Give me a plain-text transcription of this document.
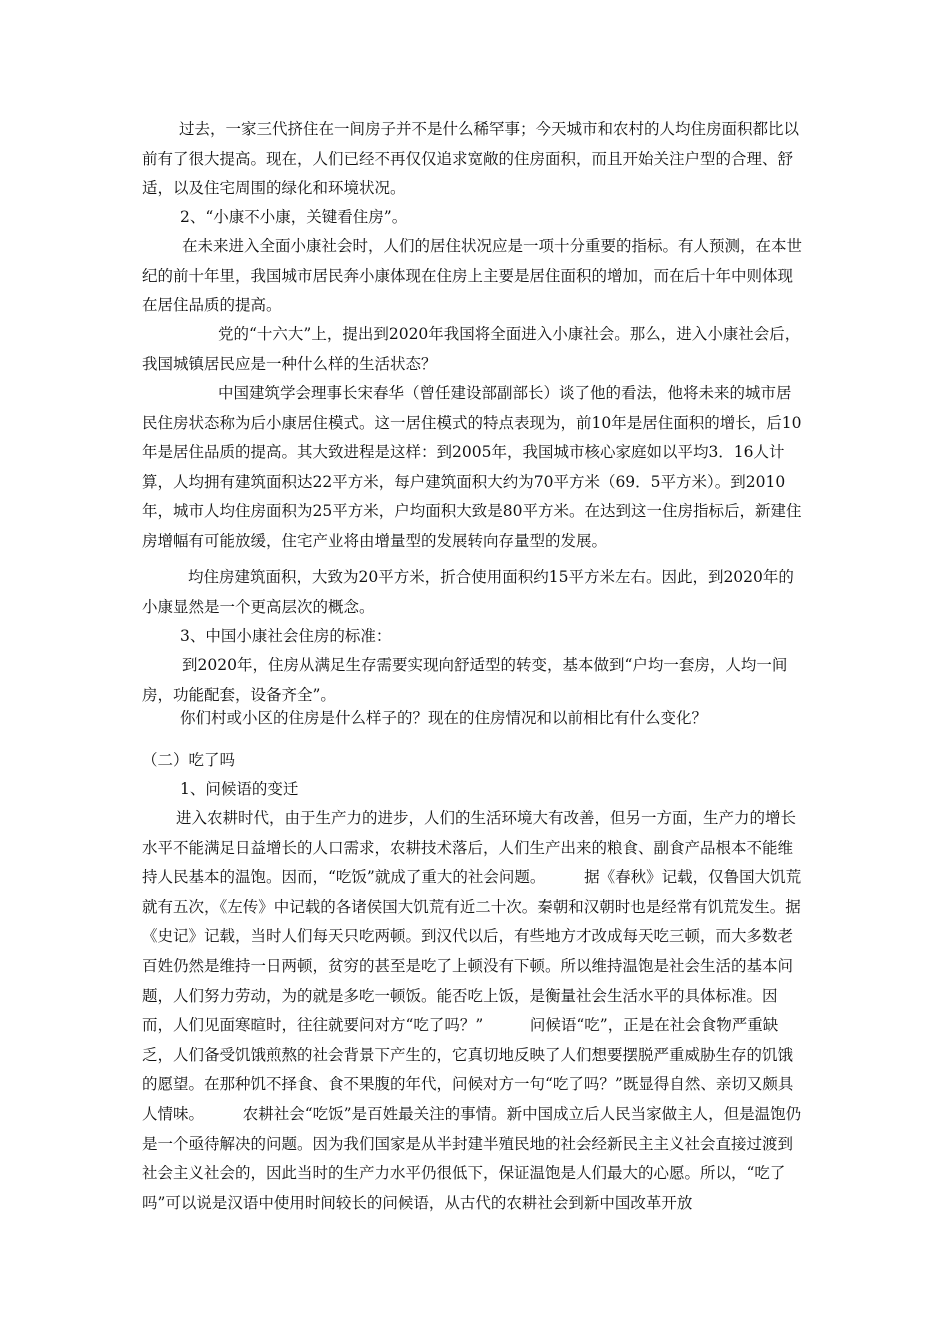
过去，一家三代挤住在一间房子并不是什么稀罕事；今天城市和农村的人均住房面积都比以前有了很大提高。现在，人们已经不再仅仅追求宽敞的住房面积，而且开始关注户型的合理、舒适，以及住宅周围的绿化和环境状况。

2、“小康不小康，关键看住房”。

在未来进入全面小康社会时，人们的居住状况应是一项十分重要的指标。有人预测，在本世纪的前十年里，我国城市居民奔小康体现在住房上主要是居住面积的增加，而在后十年中则体现在居住品质的提高。

党的“十六大”上，提出到2020年我国将全面进入小康社会。那么，进入小康社会后，我国城镇居民应是一种什么样的生活状态？

中国建筑学会理事长宋春华（曾任建设部副部长）谈了他的看法，他将未来的城市居民住房状态称为后小康居住模式。这一居住模式的特点表现为，前10年是居住面积的增长，后10年是居住品质的提高。其大致进程是这样：到2005年，我国城市核心家庭如以平均3．16人计算，人均拥有建筑面积达22平方米，每户建筑面积大约为70平方米（69．5平方米）。到2010年，城市人均住房面积为25平方米，户均面积大致是80平方米。在达到这一住房指标后，新建住房增幅有可能放缓，住宅产业将由增量型的发展转向存量型的发展。

均住房建筑面积，大致为20平方米，折合使用面积约15平方米左右。因此，到2020年的小康显然是一个更高层次的概念。

3、中国小康社会住房的标准：

到2020年，住房从满足生存需要实现向舒适型的转变，基本做到“户均一套房，人均一间房，功能配套，设备齐全”。

你们村或小区的住房是什么样子的？现在的住房情况和以前相比有什么变化？

（二）吃了吗

1、问候语的变迁

进入农耕时代，由于生产力的进步，人们的生活环境大有改善，但另一方面，生产力的增长水平不能满足日益增长的人口需求，农耕技术落后，人们生产出来的粮食、副食产品根本不能维持人民基本的温饱。因而，“吃饭”就成了重大的社会问题。　　　据《春秋》记载，仅鲁国大饥荒就有五次，《左传》中记载的各诸侯国大饥荒有近二十次。秦朝和汉朝时也是经常有饥荒发生。据《史记》记载，当时人们每天只吃两顿。到汉代以后，有些地方才改成每天吃三顿，而大多数老百姓仍然是维持一日两顿，贫穷的甚至是吃了上顿没有下顿。所以维持温饱是社会生活的基本问题，人们努力劳动，为的就是多吃一顿饭。能否吃上饭，是衡量社会生活水平的具体标准。因而，人们见面寒暄时，往往就要问对方“吃了吗？”　　　问候语“吃”，正是在社会食物严重缺乏，人们备受饥饿煎熬的社会背景下产生的，它真切地反映了人们想要摆脱严重威胁生存的饥饿的愿望。在那种饥不择食、食不果腹的年代，问候对方一句“吃了吗？”既显得自然、亲切又颇具人情味。　　　农耕社会“吃饭”是百姓最关注的事情。新中国成立后人民当家做主人，但是温饱仍是一个亟待解决的问题。因为我们国家是从半封建半殖民地的社会经新民主主义社会直接过渡到社会主义社会的，因此当时的生产力水平仍很低下，保证温饱是人们最大的心愿。所以，“吃了吗”可以说是汉语中使用时间较长的问候语，从古代的农耕社会到新中国改革开放
